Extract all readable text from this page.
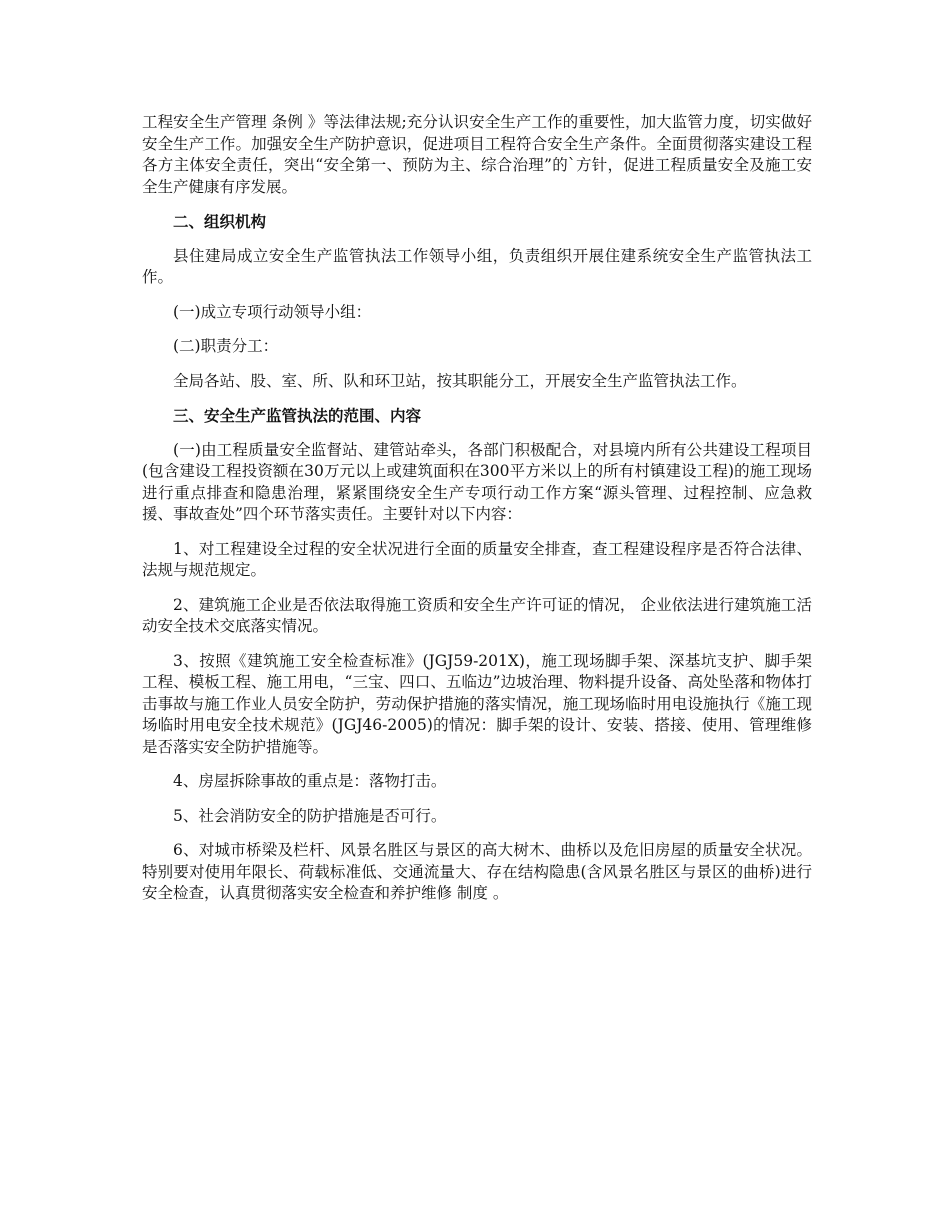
工程安全生产管理 条例 》等法律法规;充分认识安全生产工作的重要性，加大监管力度，切实做好安全生产工作。加强安全生产防护意识，促进项目工程符合安全生产条件。全面贯彻落实建设工程各方主体安全责任，突出“安全第一、预防为主、综合治理”的`方针，促进工程质量安全及施工安全生产健康有序发展。

二、组织机构

县住建局成立安全生产监管执法工作领导小组，负责组织开展住建系统安全生产监管执法工作。

(一)成立专项行动领导小组：

(二)职责分工：

全局各站、股、室、所、队和环卫站，按其职能分工，开展安全生产监管执法工作。

三、安全生产监管执法的范围、内容

(一)由工程质量安全监督站、建管站牵头，各部门积极配合，对县境内所有公共建设工程项目(包含建设工程投资额在30万元以上或建筑面积在300平方米以上的所有村镇建设工程)的施工现场进行重点排查和隐患治理，紧紧围绕安全生产专项行动工作方案“源头管理、过程控制、应急救援、事故查处”四个环节落实责任。主要针对以下内容：

1、对工程建设全过程的安全状况进行全面的质量安全排查，查工程建设程序是否符合法律、法规与规范规定。

2、建筑施工企业是否依法取得施工资质和安全生产许可证的情况， 企业依法进行建筑施工活动安全技术交底落实情况。

3、按照《建筑施工安全检查标准》(JGJ59-201X)，施工现场脚手架、深基坑支护、脚手架工程、模板工程、施工用电，“三宝、四口、五临边”边坡治理、物料提升设备、高处坠落和物体打击事故与施工作业人员安全防护，劳动保护措施的落实情况，施工现场临时用电设施执行《施工现场临时用电安全技术规范》(JGJ46-2005)的情况：脚手架的设计、安装、搭接、使用、管理维修是否落实安全防护措施等。

4、房屋拆除事故的重点是：落物打击。

5、社会消防安全的防护措施是否可行。

6、对城市桥梁及栏杆、风景名胜区与景区的高大树木、曲桥以及危旧房屋的质量安全状况。特别要对使用年限长、荷载标准低、交通流量大、存在结构隐患(含风景名胜区与景区的曲桥)进行安全检查，认真贯彻落实安全检查和养护维修 制度 。
